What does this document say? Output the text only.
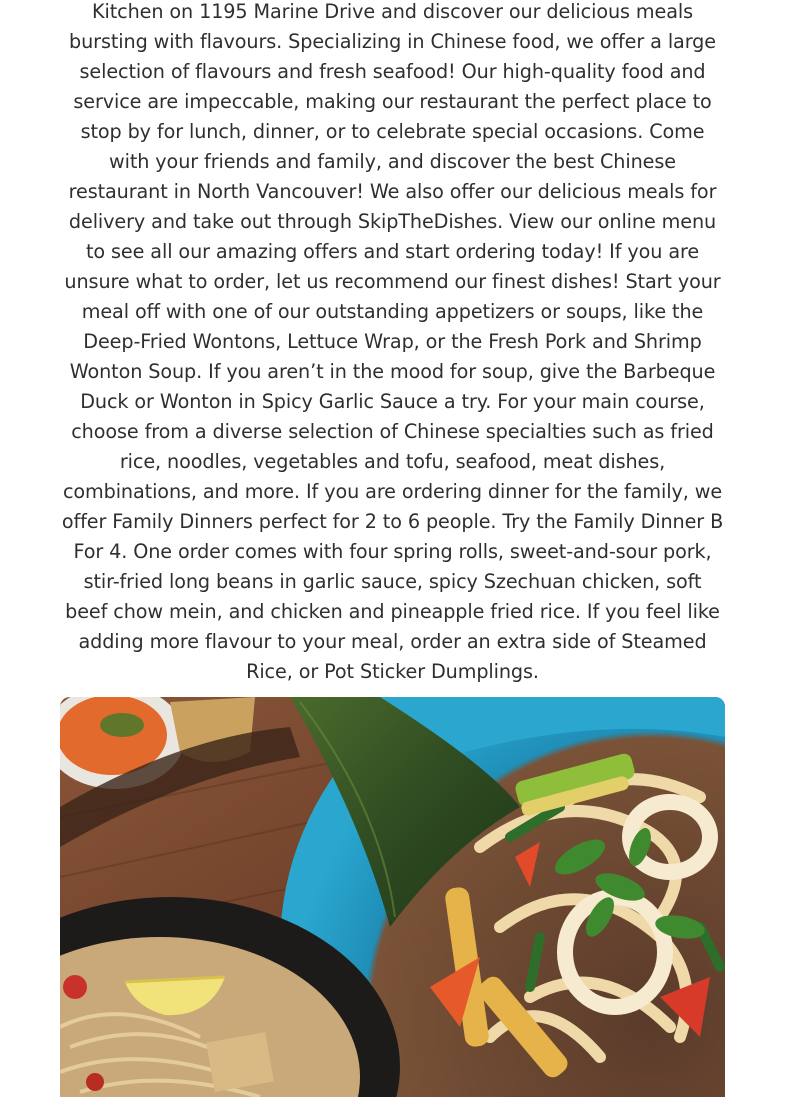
Kitchen on 1195 Marine Drive and discover our delicious meals bursting with flavours. Specializing in Chinese food, we offer a large selection of flavours and fresh seafood! Our high-quality food and service are impeccable, making our restaurant the perfect place to stop by for lunch, dinner, or to celebrate special occasions. Come with your friends and family, and discover the best Chinese restaurant in North Vancouver! We also offer our delicious meals for delivery and take out through SkipTheDishes. View our online menu to see all our amazing offers and start ordering today! If you are unsure what to order, let us recommend our finest dishes! Start your meal off with one of our outstanding appetizers or soups, like the Deep-Fried Wontons, Lettuce Wrap, or the Fresh Pork and Shrimp Wonton Soup. If you aren’t in the mood for soup, give the Barbeque Duck or Wonton in Spicy Garlic Sauce a try. For your main course, choose from a diverse selection of Chinese specialties such as fried rice, noodles, vegetables and tofu, seafood, meat dishes, combinations, and more. If you are ordering dinner for the family, we offer Family Dinners perfect for 2 to 6 people. Try the Family Dinner B For 4. One order comes with four spring rolls, sweet-and-sour pork, stir-fried long beans in garlic sauce, spicy Szechuan chicken, soft beef chow mein, and chicken and pineapple fried rice. If you feel like adding more flavour to your meal, order an extra side of Steamed Rice, or Pot Sticker Dumplings.
